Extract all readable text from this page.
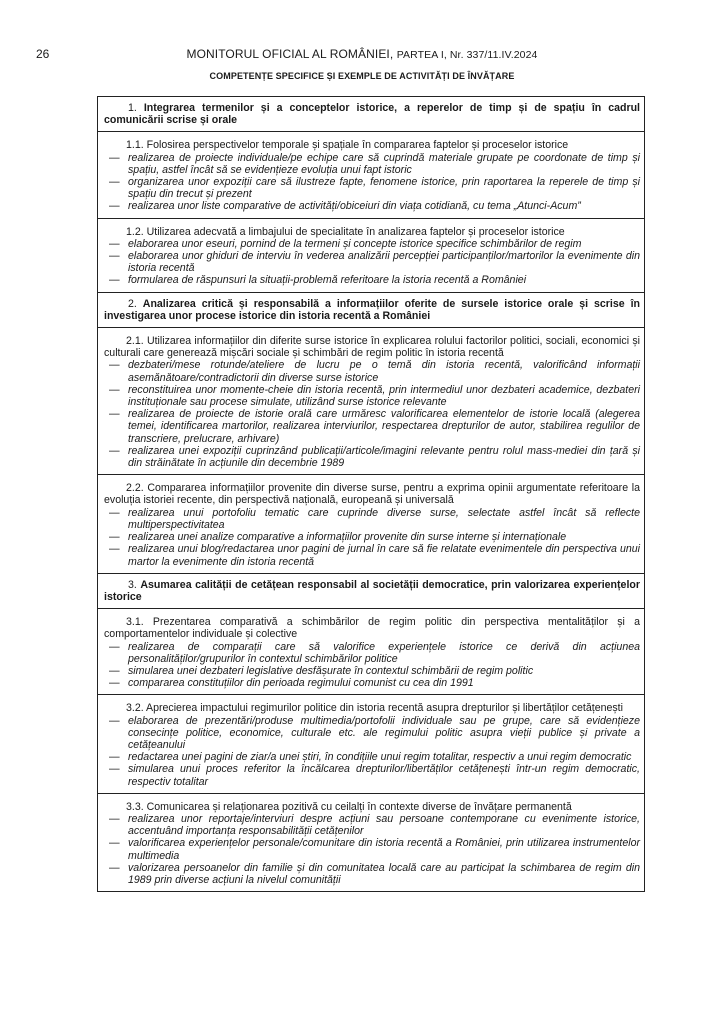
26	MONITORUL OFICIAL AL ROMÂNIEI, PARTEA I, Nr. 337/11.IV.2024
COMPETENȚE SPECIFICE ȘI EXEMPLE DE ACTIVITĂȚI DE ÎNVĂȚARE
1. Integrarea termenilor și a conceptelor istorice, a reperelor de timp și de spațiu în cadrul comunicării scrise și orale

1.1. Folosirea perspectivelor temporale și spațiale în compararea faptelor și proceselor istorice
— realizarea de proiecte individuale/pe echipe care să cuprindă materiale grupate pe coordonate de timp și spațiu, astfel încât să se evidențieze evoluția unui fapt istoric
— organizarea unor expoziții care să ilustreze fapte, fenomene istorice, prin raportarea la reperele de timp și spațiu din trecut și prezent
— realizarea unor liste comparative de activități/obiceiuri din viața cotidiană, cu tema „Atunci-Acum”

1.2. Utilizarea adecvată a limbajului de specialitate în analizarea faptelor și proceselor istorice
— elaborarea unor eseuri, pornind de la termeni și concepte istorice specifice schimbărilor de regim
— elaborarea unor ghiduri de interviu în vederea analizării percepției participanților/martorilor la evenimente din istoria recentă
— formularea de răspunsuri la situații-problemă referitoare la istoria recentă a României

2. Analizarea critică și responsabilă a informațiilor oferite de sursele istorice orale și scrise în investigarea unor procese istorice din istoria recentă a României

2.1. Utilizarea informațiilor din diferite surse istorice în explicarea rolului factorilor politici, sociali, economici și culturali care generează mișcări sociale și schimbări de regim politic în istoria recentă
— dezbateri/mese rotunde/ateliere de lucru pe o temă din istoria recentă, valorificând informații asemănătoare/contradictorii din diverse surse istorice
— reconstituirea unor momente-cheie din istoria recentă, prin intermediul unor dezbateri academice, dezbateri instituționale sau procese simulate, utilizând surse istorice relevante
— realizarea de proiecte de istorie orală care urmăresc valorificarea elementelor de istorie locală (alegerea temei, identificarea martorilor, realizarea interviurilor, respectarea drepturilor de autor, stabilirea regulilor de transcriere, prelucrare, arhivare)
— realizarea unei expoziții cuprinzând publicații/articole/imagini relevante pentru rolul mass-mediei din țară și din străinătate în acțiunile din decembrie 1989

2.2. Compararea informațiilor provenite din diverse surse, pentru a exprima opinii argumentate referitoare la evoluția istoriei recente, din perspectivă națională, europeană și universală
— realizarea unui portofoliu tematic care cuprinde diverse surse, selectate astfel încât să reflecte multiperspectivitatea
— realizarea unei analize comparative a informațiilor provenite din surse interne și internaționale
— realizarea unui blog/redactarea unor pagini de jurnal în care să fie relatate evenimentele din perspectiva unui martor la evenimente din istoria recentă

3. Asumarea calității de cetățean responsabil al societății democratice, prin valorizarea experiențelor istorice

3.1. Prezentarea comparativă a schimbărilor de regim politic din perspectiva mentalităților și a comportamentelor individuale și colective
— realizarea de comparații care să valorifice experiențele istorice ce derivă din acțiunea personalităților/grupurilor în contextul schimbărilor politice
— simularea unei dezbateri legislative desfășurate în contextul schimbării de regim politic
— compararea constituțiilor din perioada regimului comunist cu cea din 1991

3.2. Aprecierea impactului regimurilor politice din istoria recentă asupra drepturilor și libertăților cetățenești
— elaborarea de prezentări/produse multimedia/portofolii individuale sau pe grupe, care să evidențieze consecințe politice, economice, culturale etc. ale regimului politic asupra vieții publice și private a cetățeanului
— redactarea unei pagini de ziar/a unei știri, în condițiile unui regim totalitar, respectiv a unui regim democratic
— simularea unui proces referitor la încălcarea drepturilor/libertăților cetățenești într-un regim democratic, respectiv totalitar

3.3. Comunicarea și relaționarea pozitivă cu ceilalți în contexte diverse de învățare permanentă
— realizarea unor reportaje/interviuri despre acțiuni sau persoane contemporane cu evenimente istorice, accentuând importanța responsabilității cetățenilor
— valorificarea experiențelor personale/comunitare din istoria recentă a României, prin utilizarea instrumentelor multimedia
— valorizarea persoanelor din familie și din comunitatea locală care au participat la schimbarea de regim din 1989 prin diverse acțiuni la nivelul comunității
